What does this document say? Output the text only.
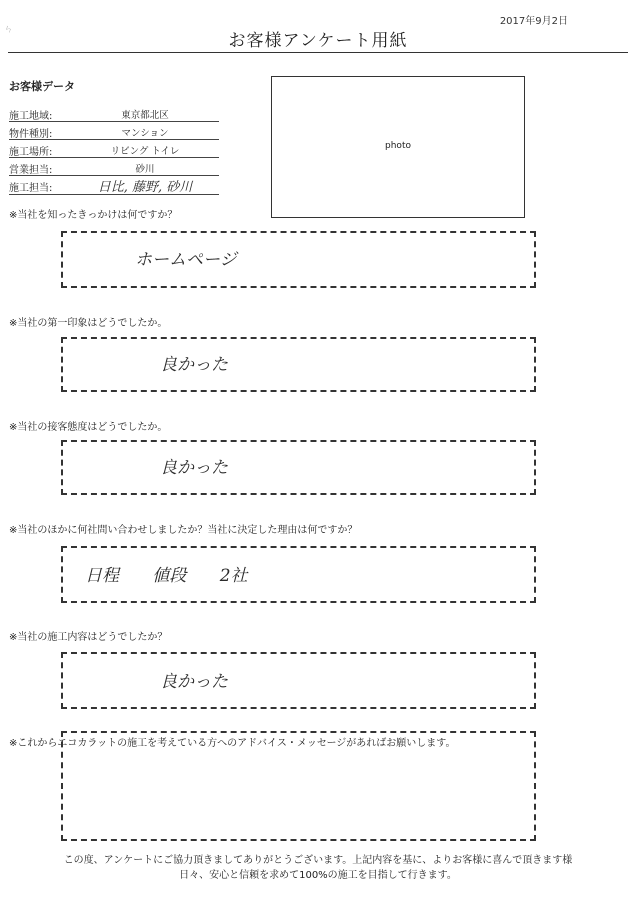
2017年9月2日
お客様アンケート用紙
ㄣ
お客様データ
施工地域:	東京都北区
物件種別:	マンション
施工場所:	リビング トイレ
営業担当:	砂川
施工担当:	日比, 藤野, 砂川
photo
※当社を知ったきっかけは何ですか？
ホームページ
※当社の第一印象はどうでしたか。
良かった
※当社の接客態度はどうでしたか。
良かった
※当社のほかに何社問い合わせしましたか？当社に決定した理由は何ですか？
日程 値段 2社
※当社の施工内容はどうでしたか？
良かった
※これからエコカラットの施工を考えている方へのアドバイス・メッセージがあればお願いします。
この度、アンケートにご協力頂きましてありがとうございます。上記内容を基に、よりお客様に喜んで頂きます様
日々、安心と信頼を求めて100%の施工を目指して行きます。
